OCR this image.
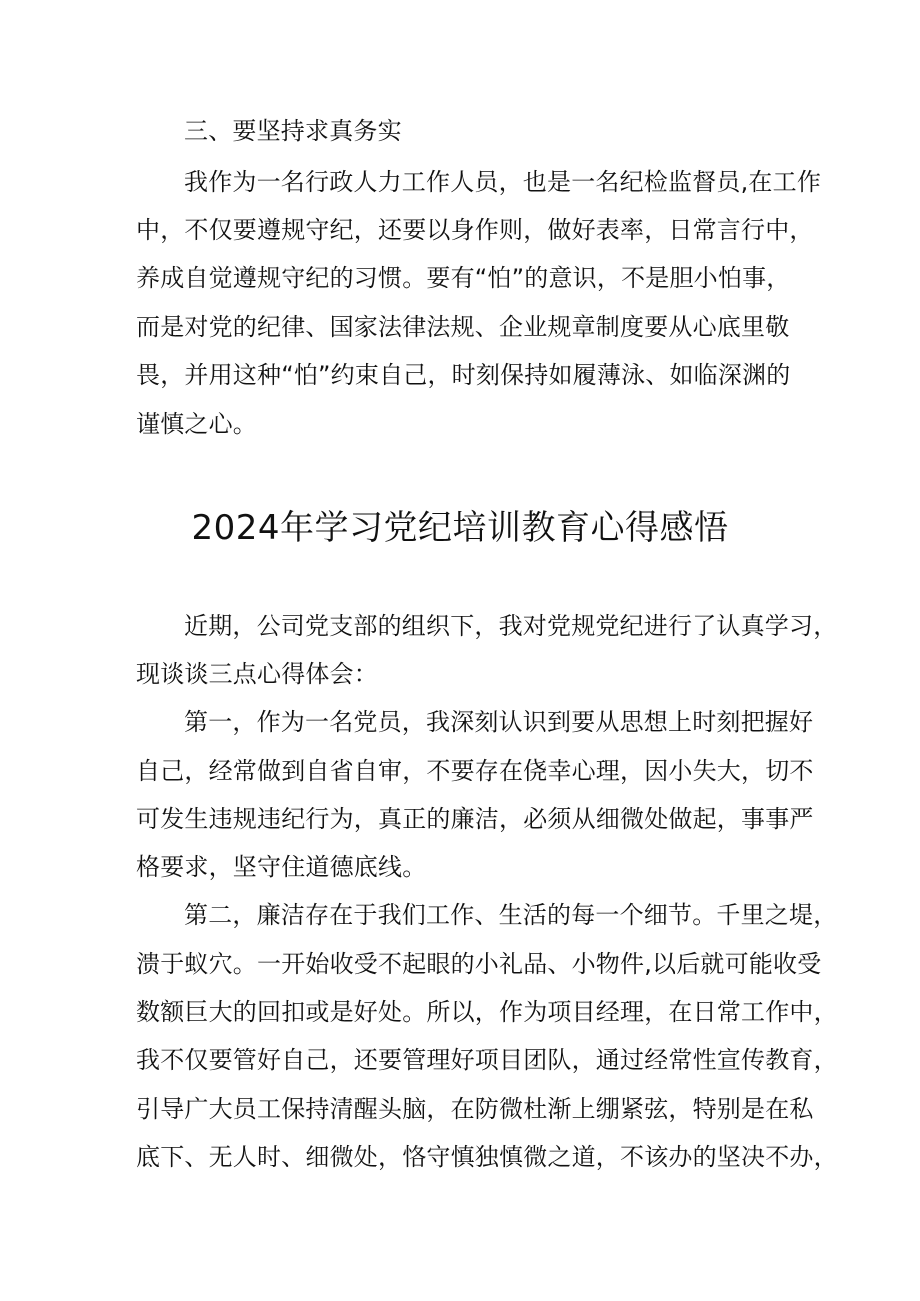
三、要坚持求真务实
我作为一名行政人力工作人员，也是一名纪检监督员,在工作
中，不仅要遵规守纪，还要以身作则，做好表率，日常言行中，
养成自觉遵规守纪的习惯。要有“怕”的意识，不是胆小怕事，
而是对党的纪律、国家法律法规、企业规章制度要从心底里敬
畏，并用这种“怕”约束自己，时刻保持如履薄泳、如临深渊的
谨慎之心。
2024年学习党纪培训教育心得感悟
近期，公司党支部的组织下，我对党规党纪进行了认真学习，
现谈谈三点心得体会：
第一，作为一名党员，我深刻认识到要从思想上时刻把握好
自己，经常做到自省自审，不要存在侥幸心理，因小失大，切不
可发生违规违纪行为，真正的廉洁，必须从细微处做起，事事严
格要求，坚守住道德底线。
第二，廉洁存在于我们工作、生活的每一个细节。千里之堤，
溃于蚁穴。一开始收受不起眼的小礼品、小物件,以后就可能收受
数额巨大的回扣或是好处。所以，作为项目经理，在日常工作中，
我不仅要管好自己，还要管理好项目团队，通过经常性宣传教育，
引导广大员工保持清醒头脑，在防微杜渐上绷紧弦，特别是在私
底下、无人时、细微处，恪守慎独慎微之道，不该办的坚决不办，
